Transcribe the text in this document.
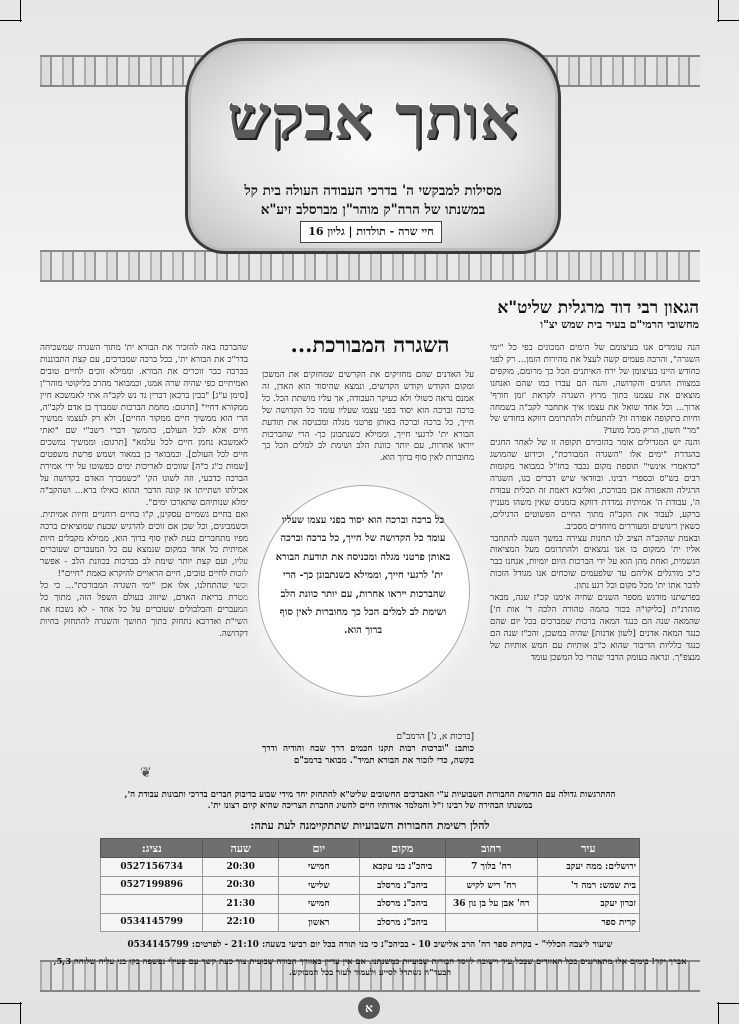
אותך אבקש
מסילות למבקשי ה' בדרכי העבודה העולה בית קל
במשנתו של הרה"ק מוהר"ן מברסלב זיע"א
חיי שרה - תולדות | גליון 16
הגאון רבי דוד מרגלית שליט"א
מחשובי הרמי"ם בעיר בית שמש יצ"ו
השגרה המבורכת...	הנה עומדים אנו בעיצומם של הימים המכונים בפי כל "ימי השגרה", והרבה פעמים קשה לעצל את מהירות הזמן... רק לפני כחודש היינו בעיצומן של ירח האיתנים הכל כך מרומם, מוקפים במצוות החגים והקדושה, והנה הם עברו כמו שהם ואנחנו מוצאים את עצמנו בתוך מרוץ השגרה לקראת 'זמן חורף' ארוך... וכל אחד שואל את עצמו איך אתחבר לקב"ה בשמחה וחיות בתקופה אפורה זו? להתעלות ולהתרומם דווקא בחודש של "מר" חשון, הריק מכל מועד?

והנה יש המגדילים אומר בהזכירם תקופה זו של לאחר החגים בהגדרת "ימים אלו "השגרה המבורכת", וכידוע שהמושג "כדאמרי אינשי" תוספת מקום נכבד בחז"ל כמבואר מקומות רבים בש"ס ובספרי רבינו. ובוודאי שיש דברים בגו, השגרה הרגילה והאפורה אכן מבורכת, ואליבא דאמת זה תכלית עבודת ה', עבודת ה' אמיתית נמדדת דווקא בזמנים שאין משהו מעניין ברקע, לעבוד את הקב"ה מתוך החיים הפשוטים הרגילים, כשאין ריגושים ומעוררים מיוחדים מסביב.

ובאמת שהקב"ה הציב לנו תחנות עצירה במשך השנה להתחבר אליו ית' ממקום בו אנו נמצאים ולהתרומם מעל המציאות הגשמית, ואחת מהן הוא על ידי הברכות היום יומיות, אנחנו כבר כ"כ מורגלים אליהם עד שלפעמים שוכחים אנו מגודל הזכות לדבר אתו ית' מכל מקום וכל רגע נתון.

בפרשתנו מודגש מספר השנים שחיה אימנו קכ"ז שנה, מבאר מוהרנ"ת [בליקו"ה בכור בהמה טהורה הלכה ד' אות ח'] שהמאה שנה הם כנגד המאה ברכות שמברכים בכל יום שהם כנגד המאה אדנים [לשון אדנות] שהיה במשכן, והכ"ז שנה הם כנגד כלליות הדיבור שהוא כ"ב אותיות עם חמש אותיות של מנצפ"ך. ונראה בעומק הדבר שהרי כל המשכן עומד

על האדנים שהם מחזיקים את הקרשים שמחזקים את המשכן ומקום הקודש וקודש הקדשים, ונמצא שהיסוד הוא האדן, זה אמנם נראה כשולי ולא כעיקר העבודה, אך עליו מושתת הכל. כל ברכה וברכה הוא יסוד בפני עצמו שעליו עומד כל הקדושה של חייך, כל ברכה וברכה באותן פרטני מגלה ומכניסה את תודעת הבורא ית' לרגעי חייך, וממילא כשנתבונן כך- הרי שהברכות ייראו אחרות, עם יותר כוונת הלב ושימת לב למלים הכל כך מחוברות לאין סוף ברוך הוא.

שהברכה באה להזכיר את הבורא ית' מתוך השגרה שמשכיחה בדר"כ את הבורא ית', בכל ברכה שמברכים, עם קצת התבוננות בברכה כבר זוכרים את הבורא. וממילא זוכים לחיים טובים ואמיתיים כפי שהיה שרה אמנו, וכמבואר מהרב בליקוטי מוהר"ן [סימן ע"ג] "בבין ברכאן דברין גד נש לקב"ה אתי לאמשכא חיין ממקורא דחיי" [תרגום: מחמת הברכות שמברך בן אדם לקב"ה, הרי הוא ממשיך חיים ממקור החיים]. ולא רק לעצמו ממשיך חיים אלא לכל העולם, כהמשך דברי רשב"י שם "ואתי לאמשכא נחמן חיים לכל עלמא" [תרגום: וממשיך נמשכים חיים לכל העולם]. וכמבואר כן במאור ושמש פרשת משפטים [שמות כ"ג כ"ה] שזוכים לאריכות ימים כפשוטו על ידי אמירת הברכה כדבעי, וזה לשונו הק' "כשמברך האדם בקדושה על אכילתו ושתייתו אז קונה הדבר ההוא כאילו ברא... ושהקב"ה ימלא שנותיהם שתארכו ימים".

ואם בחיים גשמיים עסקינן, ק"ו בחיים רוחניים וחיות אמיתית. וכשמבינים, וכל שכן אם זוכים להרגיש שבעת שמוציאים ברכה מפיו מתחברים כעת לאין סוף ברוך הוא, ממילא מקבלים חיות אמיתית כל אחד במקום שנמצא עם כל המעברים שעוברים עליו, ועם קצת יותר שימת לב בברכות בכוונת הלב - אפשר לזכות לחיים טובים, חיים הראויים להיקרא באמת "חיים"!

וכשי שהתחלנו, אלו אכן "ימי השגרה המבורכת"... כי כל מטרת בריאת האדם, שיזווג בעולם השפל הזה, מתוך כל המעברים והבלבולים שעוברים על כל אחד - לא נשכח את השי"ת ואדרבא נתחזק בתוך החושך והשגרה להתחזק בחיות דקדושה.

❦
כל ברכה וברכה הוא יסוד בפני עצמו שעליו עומד כל הקדושה של חייך, כל ברכה וברכה באותן פרטני מגלה ומכניסה את תודעת הבורא ית' לרגעי חייך, וממילא כשנתבונן כך- הרי שהברכות ייראו אחרות, עם יותר כוונת הלב ושימת לב למלים הכל כך מחוברות לאין סוף ברוך הוא.
[ברכות א, ג'] הרמב"ם
כותב: "וברכות רבות תקנו חכמים דרך שבח והודיה ודרך בקשה, כדי לזכור את הבורא תמיד". מבואר ברמב"ם
ההתרגשות גדולה עם הודשות החבורות השבועיות ע"י האברכים החשובים שליט"א להתחזק יחד מידי שבוע בדיבוק חברים בדרכי ותבונות עבודת ה', במשנתו הבהירה של רבינו ז"ל והמלמד אודותיו חיים להשיג החברת הצריכה שהיא קיום רצונו ית'.
להלן רשימת החבורות השבועיות שתתקיימנה לעת עתה:
עיר	רחוב	מקום	יום	שעה	נציג:
ירושלים: ממה יעקב	רח' בלוך 7	ביהכ"נ בני עקבא	חמישי	20:30	0527156734
בית שמש: רמה ד'	רח' ריש לקיש	ביהכ"נ מרסלב	שלישי	20:30	0527199896
זכרון יעקב	רח' אבן על בן נון 36	ביהכ"נ מרסלב	חמישי	21:30	
קרית ספר		ביהכ"נ מרסלב	ראשון	22:10	0534145799
שיעור ליצבה הכללי" - בקרית ספר רח' הרב אלישיב 10 - בביהכ"נ כי בני תורה בכל יום רביעי בשעה: 21:10 - לפרטים: 0534145799
אברך יקר! בימים אלו מתארגנים בכל האזורים שבכל עיר וישובה לייסד חבורות שבועיות כמשנתנו. אם אין עדיין באזורך חבורה שבועית צור כעת קשר עם פעילי נפשפה בקו בני עליה שלוחה 5,3, הבעד"ה נשתדל לסייע ולעמוד לעזר בכל המבוקש.
א
